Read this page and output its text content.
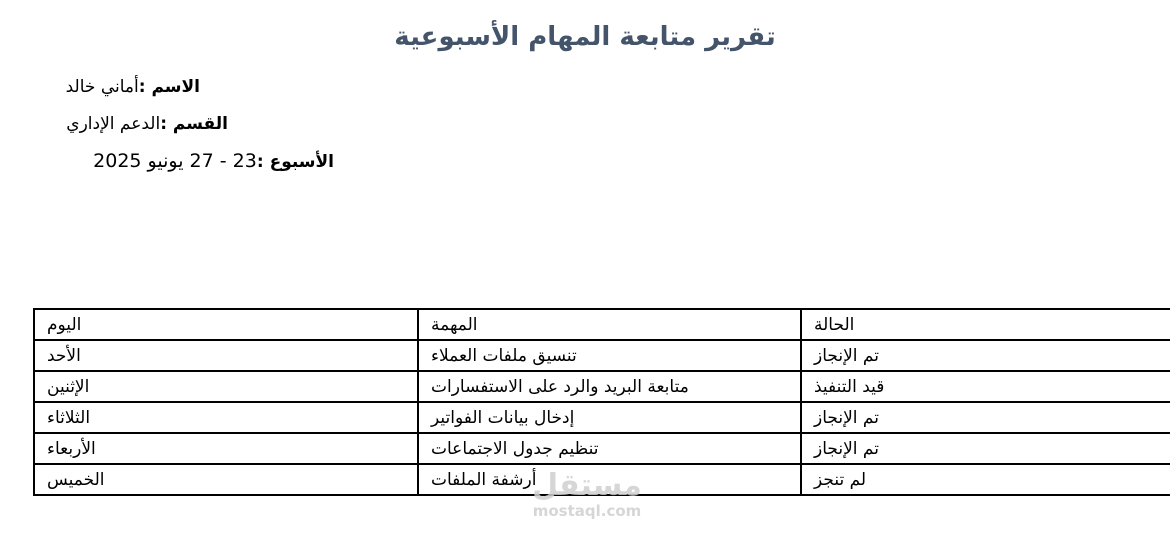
تقرير متابعة المهام الأسبوعية
الاسم :أماني خالد
القسم :الدعم الإداري
الأسبوع :23 - 27 يونيو 2025
اليوم	المهمة	الحالة
الأحد	تنسيق ملفات العملاء	تم الإنجاز
الإثنين	متابعة البريد والرد على الاستفسارات	قيد التنفيذ
الثلاثاء	إدخال بيانات الفواتير	تم الإنجاز
الأربعاء	تنظيم جدول الاجتماعات	تم الإنجاز
الخميس	أرشفة الملفات	لم تنجز
مستقل
mostaql.com
